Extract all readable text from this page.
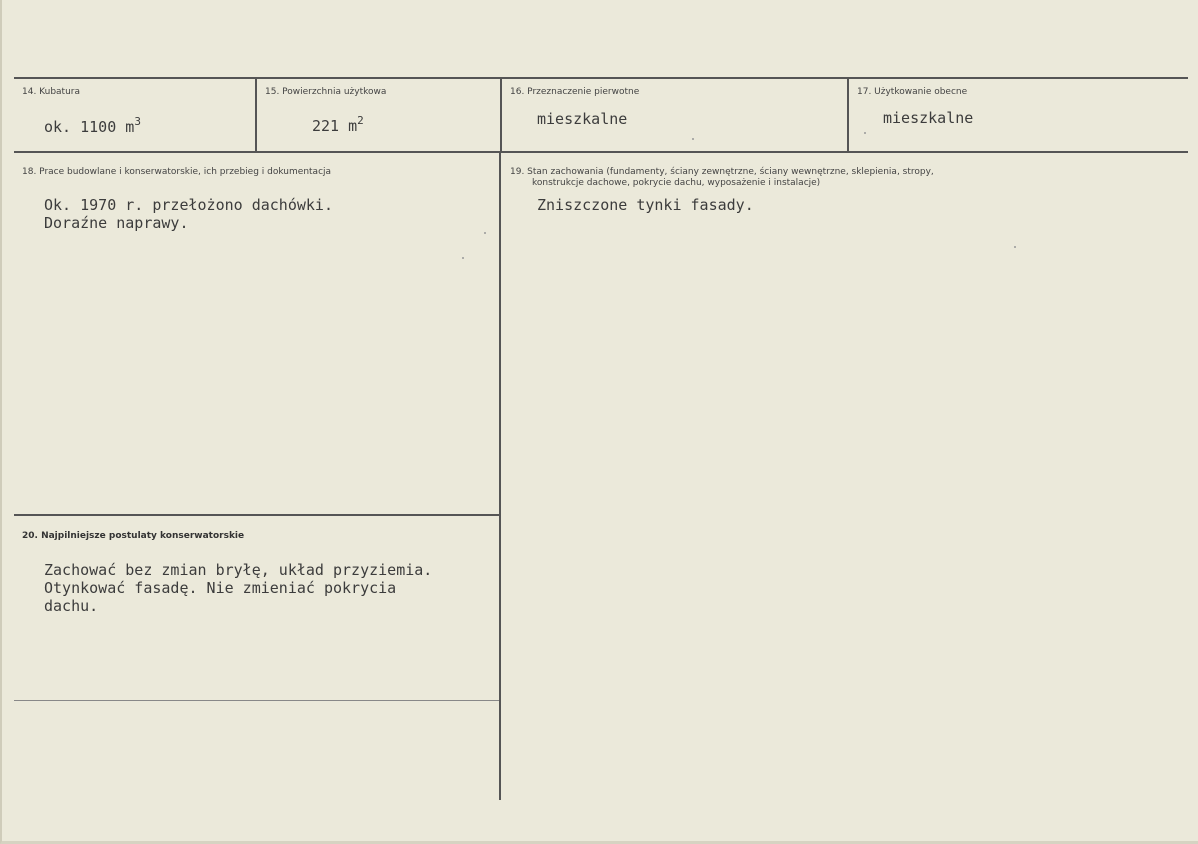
14. Kubatura
ok. 1100 $m^3$
15. Powierzchnia użytkowa
221 $m^2$
16. Przeznaczenie pierwotne
mieszkalne
17. Użytkowanie obecne
mieszkalne
18. Prace budowlane i konserwatorskie, ich przebieg i dokumentacja
Ok. 1970 r. przełożono dachówki.
Doraźne naprawy.
19. Stan zachowania (fundamenty, ściany zewnętrzne, ściany wewnętrzne, sklepienia, stropy,
konstrukcje dachowe, pokrycie dachu, wyposażenie i instalacje)
Zniszczone tynki fasady.
20. Najpilniejsze postulaty konserwatorskie
Zachować bez zmian bryłę, układ przyziemia.
Otynkować fasadę. Nie zmieniać pokrycia
dachu.
